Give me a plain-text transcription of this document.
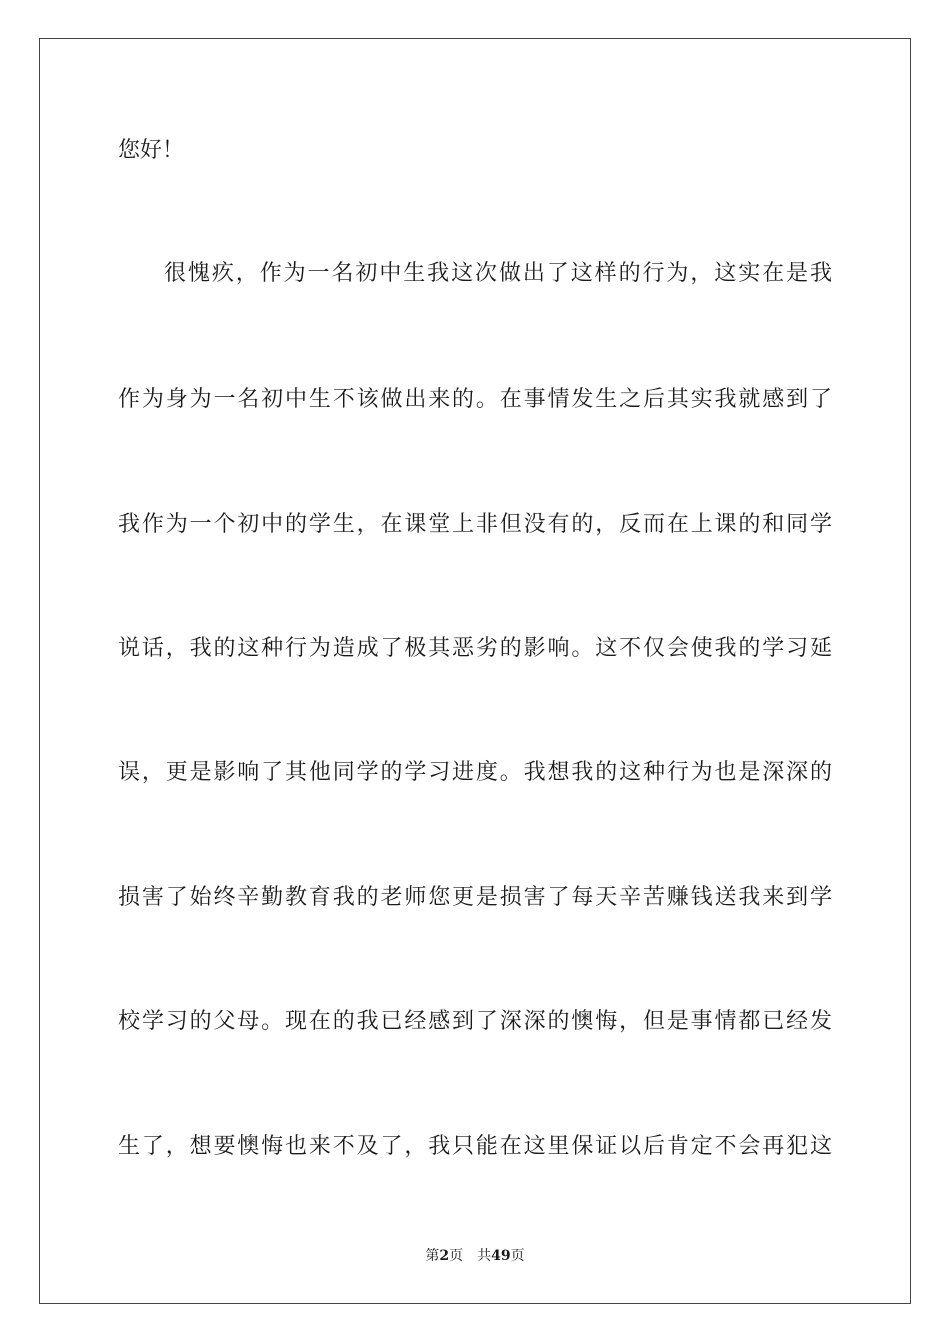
您好！
很愧疚，作为一名初中生我这次做出了这样的行为，这实在是我
作为身为一名初中生不该做出来的。在事情发生之后其实我就感到了
我作为一个初中的学生，在课堂上非但没有的，反而在上课的和同学
说话，我的这种行为造成了极其恶劣的影响。这不仅会使我的学习延
误，更是影响了其他同学的学习进度。我想我的这种行为也是深深的
损害了始终辛勤教育我的老师您更是损害了每天辛苦赚钱送我来到学
校学习的父母。现在的我已经感到了深深的懊悔，但是事情都已经发
生了，想要懊悔也来不及了，我只能在这里保证以后肯定不会再犯这
第2页 共49页
